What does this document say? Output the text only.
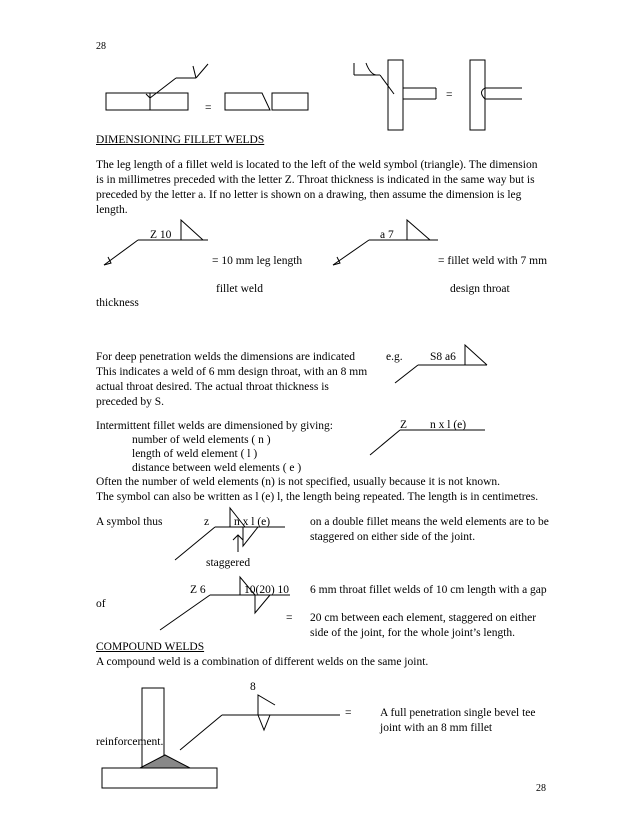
28
=
=
DIMENSIONING FILLET WELDS
The leg length of a fillet weld is located to the left of the weld symbol (triangle). The dimension
is in millimetres preceded with the letter Z. Throat thickness is indicated in the same way but is
preceded by the letter a. If no letter is shown on a drawing, then assume the dimension is leg
length.
Z 10	a 7
= 10 mm leg length	= fillet weld with 7 mm
fillet weld	design throat
thickness
For deep penetration welds the dimensions are indicated
This indicates a weld of 6 mm design throat, with an 8 mm
actual throat desired. The actual throat thickness is
preceded by S.
e.g. S8 a6
Intermittent fillet welds are dimensioned by giving:
number of weld elements ( n )
length of weld element ( l )
distance between weld elements ( e )
Z n x l (e)
Often the number of weld elements (n) is not specified, usually because it is not known.
The symbol can also be written as l (e) l, the length being repeated. The length is in centimetres.
A symbol thus	z n x l (e)	on a double fillet means the weld elements are to be
staggered on either side of the joint.
staggered
Z 6	10(20) 10 6 mm throat fillet welds of 10 cm length with a gap
of
= 20 cm between each element, staggered on either
side of the joint, for the whole joint’s length.
COMPOUND WELDS
A compound weld is a combination of different welds on the same joint.
8
= A full penetration single bevel tee
joint with an 8 mm fillet
reinforcement.
28
